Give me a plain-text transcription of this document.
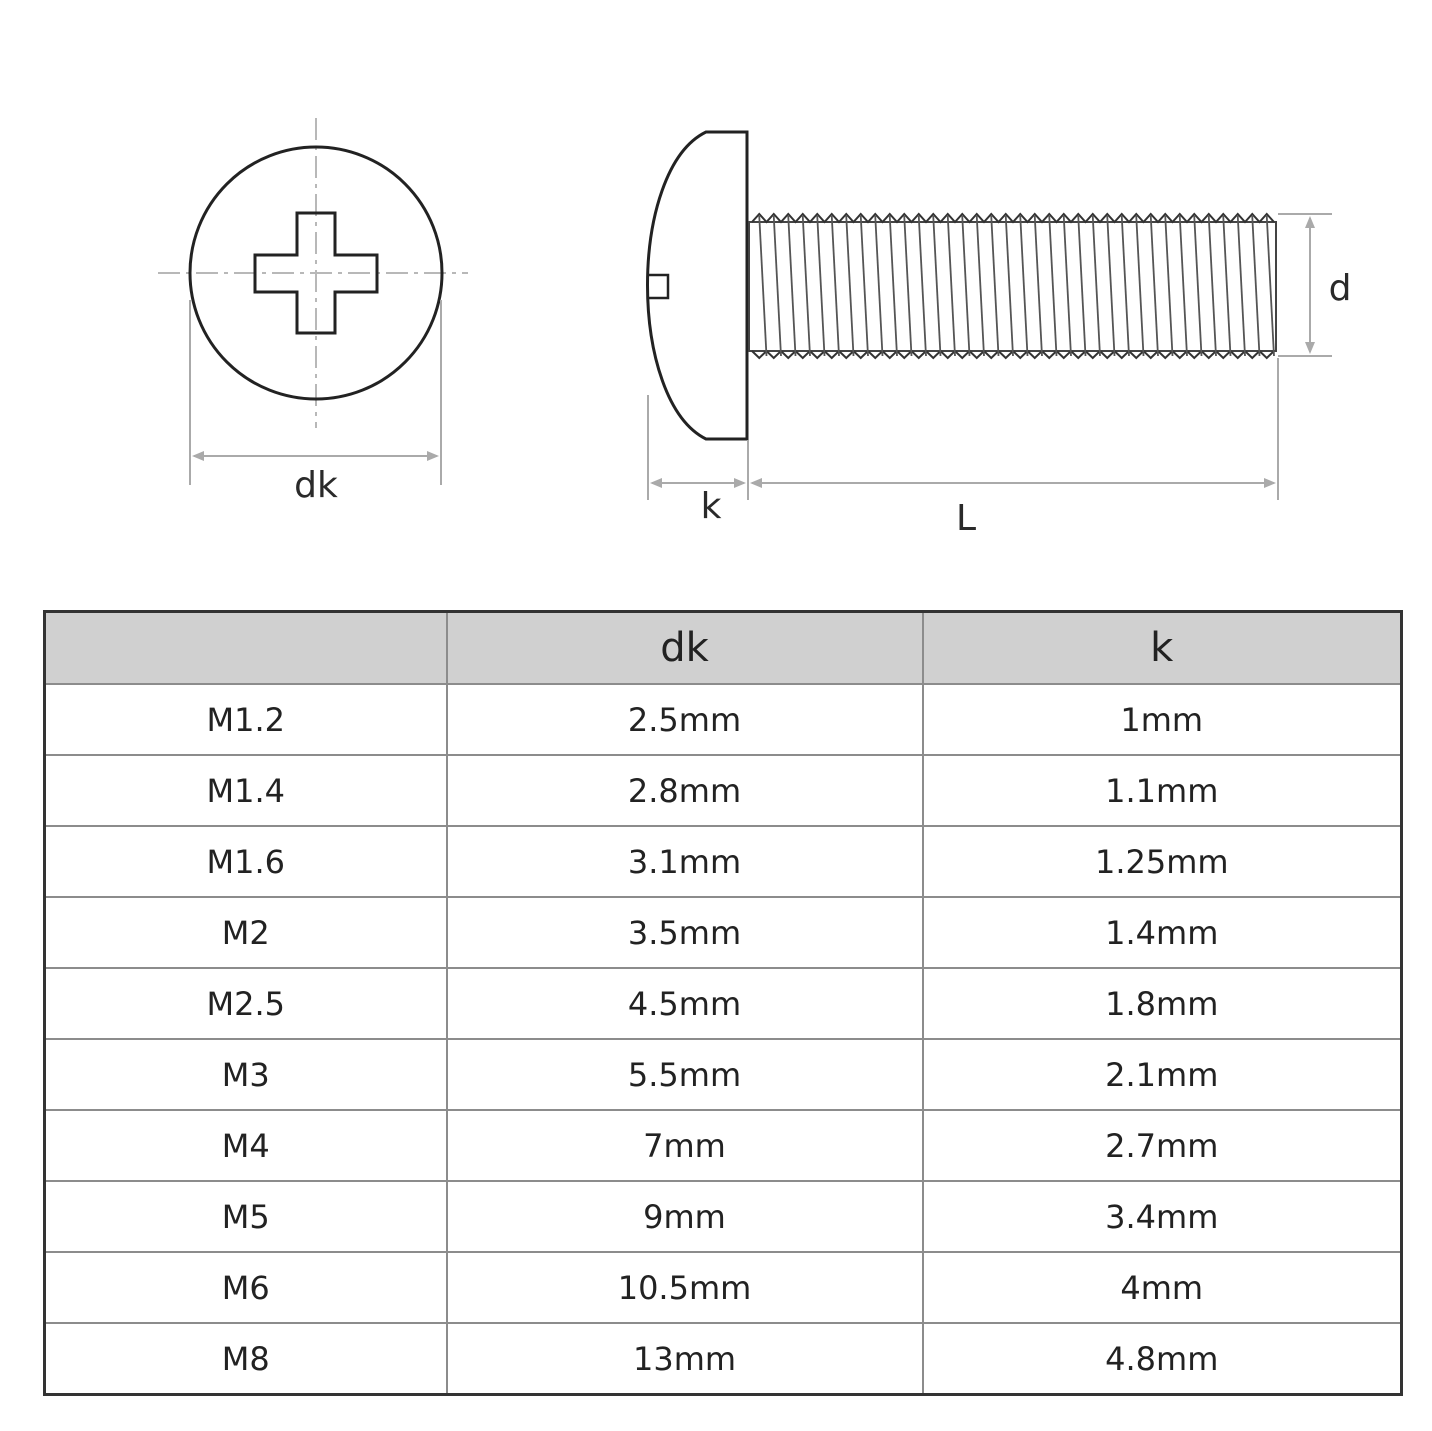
dk
d
k	L
	dk	k
M1.2	2.5mm	1mm
M1.4	2.8mm	1.1mm
M1.6	3.1mm	1.25mm
M2	3.5mm	1.4mm
M2.5	4.5mm	1.8mm
M3	5.5mm	2.1mm
M4	7mm	2.7mm
M5	9mm	3.4mm
M6	10.5mm	4mm
M8	13mm	4.8mm
